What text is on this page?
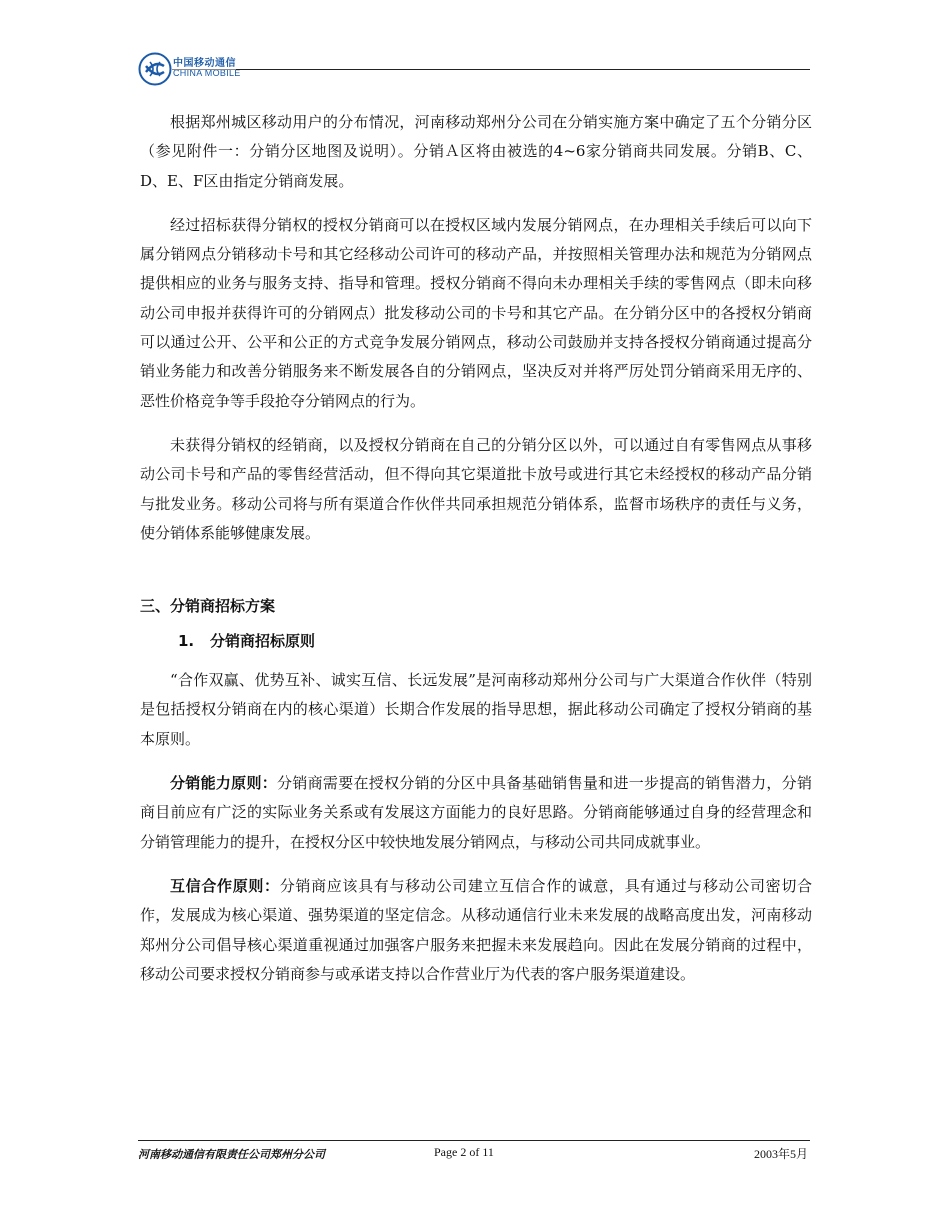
中国移动通信
CHINA MOBILE

根据郑州城区移动用户的分布情况，河南移动郑州分公司在分销实施方案中确定了五个分销分区（参见附件一：分销分区地图及说明）。分销Ａ区将由被选的4~6家分销商共同发展。分销B、C、D、E、F区由指定分销商发展。

经过招标获得分销权的授权分销商可以在授权区域内发展分销网点，在办理相关手续后可以向下属分销网点分销移动卡号和其它经移动公司许可的移动产品，并按照相关管理办法和规范为分销网点提供相应的业务与服务支持、指导和管理。授权分销商不得向未办理相关手续的零售网点（即未向移动公司申报并获得许可的分销网点）批发移动公司的卡号和其它产品。在分销分区中的各授权分销商可以通过公开、公平和公正的方式竞争发展分销网点，移动公司鼓励并支持各授权分销商通过提高分销业务能力和改善分销服务来不断发展各自的分销网点，坚决反对并将严厉处罚分销商采用无序的、恶性价格竞争等手段抢夺分销网点的行为。

未获得分销权的经销商，以及授权分销商在自己的分销分区以外，可以通过自有零售网点从事移动公司卡号和产品的零售经营活动，但不得向其它渠道批卡放号或进行其它未经授权的移动产品分销与批发业务。移动公司将与所有渠道合作伙伴共同承担规范分销体系，监督市场秩序的责任与义务，使分销体系能够健康发展。

三、分销商招标方案
1. 分销商招标原则

“合作双赢、优势互补、诚实互信、长远发展”是河南移动郑州分公司与广大渠道合作伙伴（特别是包括授权分销商在内的核心渠道）长期合作发展的指导思想，据此移动公司确定了授权分销商的基本原则。

分销能力原则：分销商需要在授权分销的分区中具备基础销售量和进一步提高的销售潜力，分销商目前应有广泛的实际业务关系或有发展这方面能力的良好思路。分销商能够通过自身的经营理念和分销管理能力的提升，在授权分区中较快地发展分销网点，与移动公司共同成就事业。

互信合作原则：分销商应该具有与移动公司建立互信合作的诚意，具有通过与移动公司密切合作，发展成为核心渠道、强势渠道的坚定信念。从移动通信行业未来发展的战略高度出发，河南移动郑州分公司倡导核心渠道重视通过加强客户服务来把握未来发展趋向。因此在发展分销商的过程中，移动公司要求授权分销商参与或承诺支持以合作营业厅为代表的客户服务渠道建设。

河南移动通信有限责任公司郑州分公司	Page 2 of 11	2003年5月
